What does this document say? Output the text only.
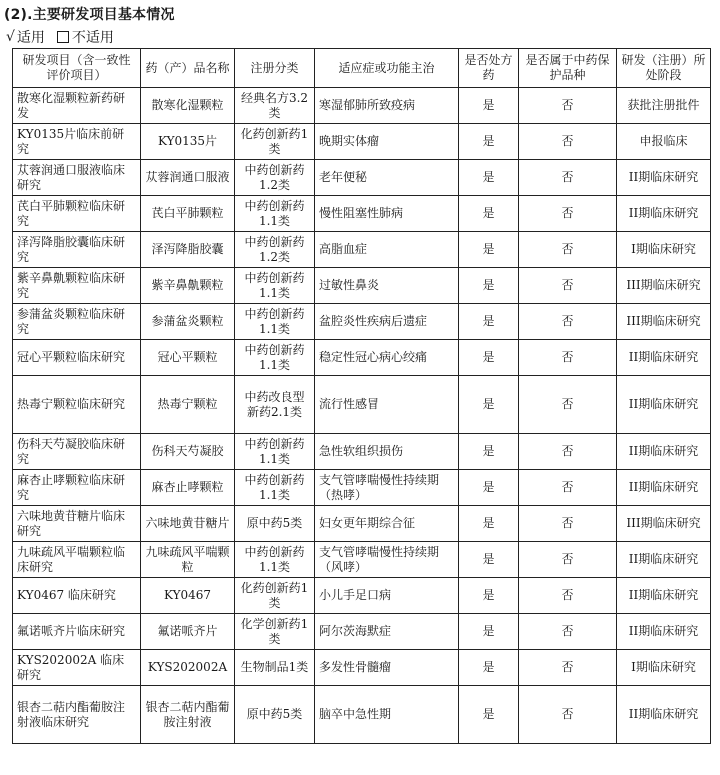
(2).主要研发项目基本情况
√ 适用 不适用
研发项目（含一致性评价项目）	药（产）品名称	注册分类	适应症或功能主治	是否处方药	是否属于中药保护品种	研发（注册）所处阶段
散寒化湿颗粒新药研发	散寒化湿颗粒	经典名方3.2类	寒湿郁肺所致疫病	是	否	获批注册批件
KY0135片临床前研究	KY0135片	化药创新药1类	晚期实体瘤	是	否	申报临床
苁蓉润通口服液临床研究	苁蓉润通口服液	中药创新药1.2类	老年便秘	是	否	II期临床研究
芪白平肺颗粒临床研究	芪白平肺颗粒	中药创新药1.1类	慢性阻塞性肺病	是	否	II期临床研究
泽泻降脂胶囊临床研究	泽泻降脂胶囊	中药创新药1.2类	高脂血症	是	否	I期临床研究
紫辛鼻鼽颗粒临床研究	紫辛鼻鼽颗粒	中药创新药1.1类	过敏性鼻炎	是	否	III期临床研究
参蒲盆炎颗粒临床研究	参蒲盆炎颗粒	中药创新药1.1类	盆腔炎性疾病后遗症	是	否	III期临床研究
冠心平颗粒临床研究	冠心平颗粒	中药创新药1.1类	稳定性冠心病心绞痛	是	否	II期临床研究
热毒宁颗粒临床研究	热毒宁颗粒	中药改良型新药2.1类	流行性感冒	是	否	II期临床研究
伤科天芍凝胶临床研究	伤科天芍凝胶	中药创新药1.1类	急性软组织损伤	是	否	II期临床研究
麻杏止哮颗粒临床研究	麻杏止哮颗粒	中药创新药1.1类	支气管哮喘慢性持续期（热哮）	是	否	II期临床研究
六味地黄苷糖片临床研究	六味地黄苷糖片	原中药5类	妇女更年期综合征	是	否	III期临床研究
九味疏风平喘颗粒临床研究	九味疏风平喘颗粒	中药创新药1.1类	支气管哮喘慢性持续期（风哮）	是	否	II期临床研究
KY0467 临床研究	KY0467	化药创新药1类	小儿手足口病	是	否	II期临床研究
氟诺哌齐片临床研究	氟诺哌齐片	化学创新药1类	阿尔茨海默症	是	否	II期临床研究
KYS202002A 临床研究	KYS202002A	生物制品1类	多发性骨髓瘤	是	否	I期临床研究
银杏二萜内酯葡胺注射液临床研究	银杏二萜内酯葡胺注射液	原中药5类	脑卒中急性期	是	否	II期临床研究
